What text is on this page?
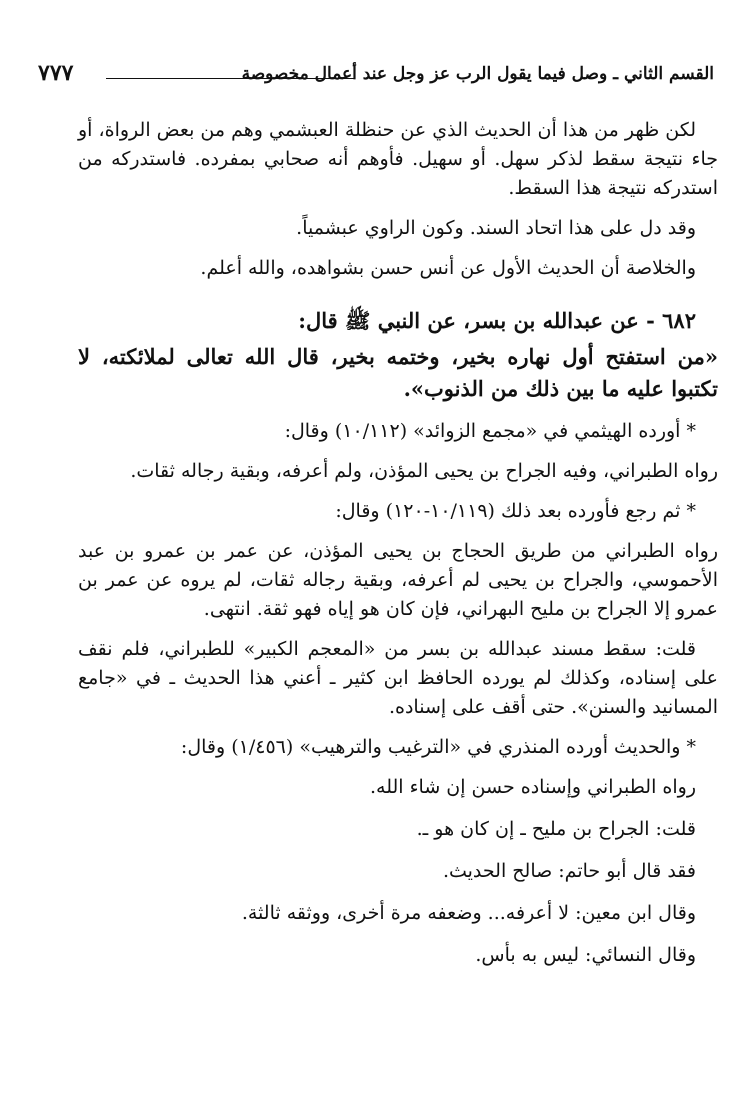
القسم الثاني ـ وصل فيما يقول الرب عز وجل عند أعمال مخصوصة
٧٧٧

لكن ظهر من هذا أن الحديث الذي عن حنظلة العبشمي وهم من بعض الرواة، أو جاء نتيجة سقط لذكر سهل. أو سهيل. فأوهم أنه صحابي بمفرده. فاستدركه من استدركه نتيجة هذا السقط.

وقد دل على هذا اتحاد السند. وكون الراوي عبشمياً.

والخلاصة أن الحديث الأول عن أنس حسن بشواهده، والله أعلم.

٦٨٢ - عن عبدالله بن بسر، عن النبي ﷺ قال:

«من استفتح أول نهاره بخير، وختمه بخير، قال الله تعالى لملائكته، لا تكتبوا عليه ما بين ذلك من الذنوب».

* أورده الهيثمي في «مجمع الزوائد» (١٠/١١٢) وقال:

رواه الطبراني، وفيه الجراح بن يحيى المؤذن، ولم أعرفه، وبقية رجاله ثقات.

* ثم رجع فأورده بعد ذلك (١٠/١١٩-١٢٠) وقال:

رواه الطبراني من طريق الحجاج بن يحيى المؤذن، عن عمر بن عمرو بن عبد الأحموسي، والجراح بن يحيى لم أعرفه، وبقية رجاله ثقات، لم يروه عن عمر بن عمرو إلا الجراح بن مليح البهراني، فإن كان هو إياه فهو ثقة. انتهى.

قلت: سقط مسند عبدالله بن بسر من «المعجم الكبير» للطبراني، فلم نقف على إسناده، وكذلك لم يورده الحافظ ابن كثير ـ أعني هذا الحديث ـ في «جامع المسانيد والسنن». حتى أقف على إسناده.

* والحديث أورده المنذري في «الترغيب والترهيب» (١/٤٥٦) وقال:

رواه الطبراني وإسناده حسن إن شاء الله.

قلت: الجراح بن مليح ـ إن كان هو ـ.

فقد قال أبو حاتم: صالح الحديث.

وقال ابن معين: لا أعرفه... وضعفه مرة أخرى، ووثقه ثالثة.

وقال النسائي: ليس به بأس.
